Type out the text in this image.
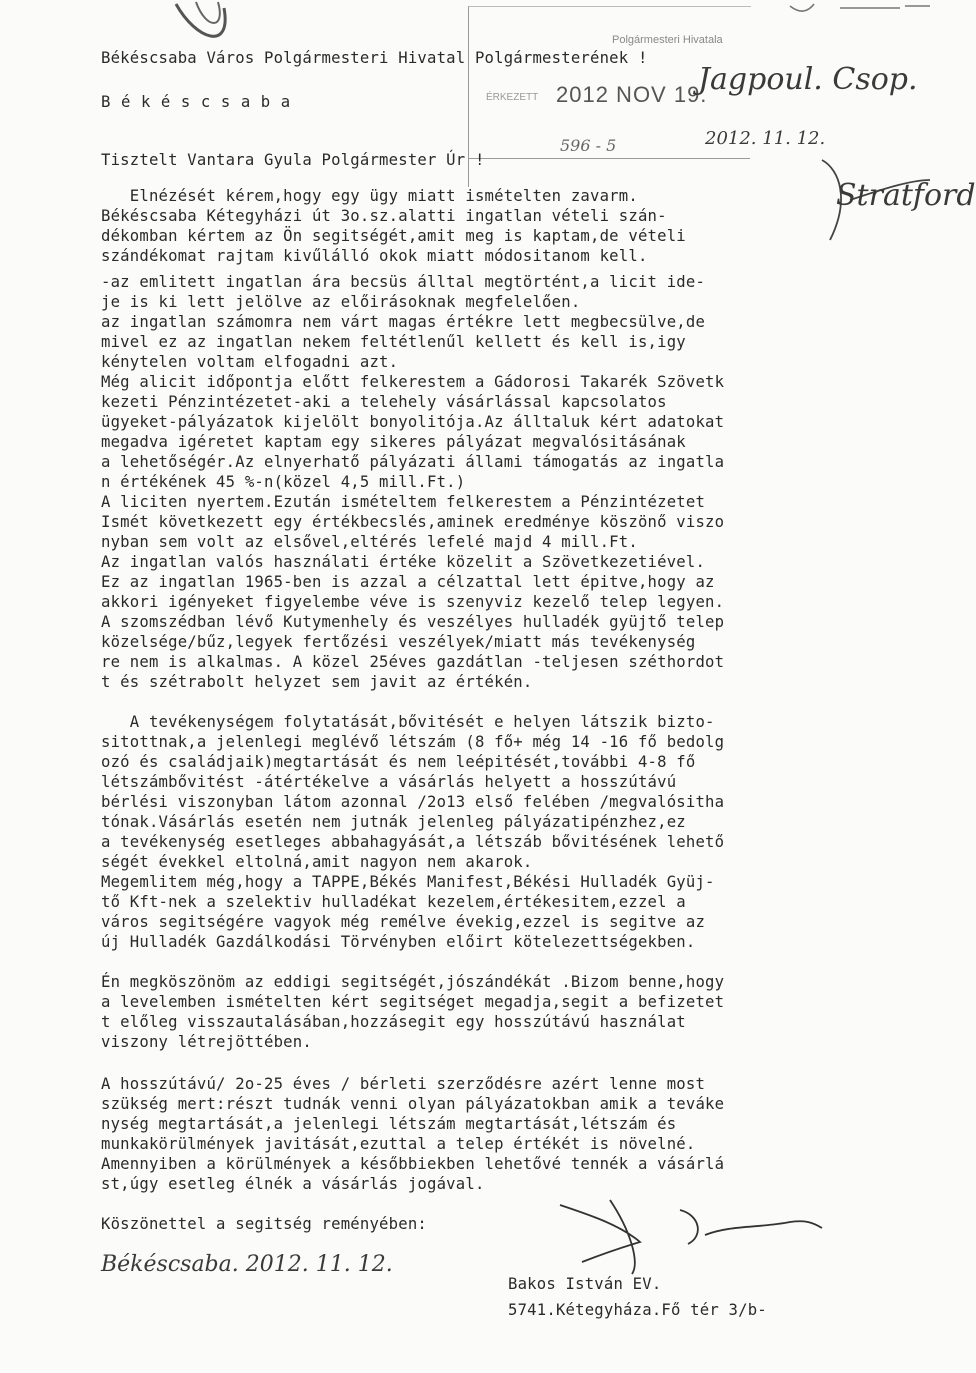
Polgármesteri Hivatala
ÉRKEZETT 2012 NOV 19.
596 - 5
Jagpoul. Csop.
2012. 11. 12.
Stratford
Békéscsaba. 2012. 11. 12.
Békéscsaba Város Polgármesteri Hivatal Polgármesterének !
B é k é s c s a b a
Tisztelt Vantara Gyula Polgármester Úr !
Elnézését kérem,hogy egy ügy miatt ismételten zavarm.
Békéscsaba Kétegyházi út 3o.sz.alatti ingatlan vételi szán-
dékomban kértem az Ön segitségét,amit meg is kaptam,de vételi
szándékomat rajtam kivűlálló okok miatt módositanom kell.
-az emlitett ingatlan ára becsüs álltal megtörtént,a licit ide-
je is ki lett jelölve az előirásoknak megfelelően.
az ingatlan számomra nem várt magas értékre lett megbecsülve,de
mivel ez az ingatlan nekem feltétlenűl kellett és kell is,igy
kénytelen voltam elfogadni azt.
Még alicit időpontja előtt felkerestem a Gádorosi Takarék Szövetk
kezeti Pénzintézetet-aki a telehely vásárlással kapcsolatos
ügyeket-pályázatok kijelölt bonyolitója.Az álltaluk kért adatokat
megadva igéretet kaptam egy sikeres pályázat megvalósitásának
a lehetőségér.Az elnyerhatő pályázati állami támogatás az ingatla
n értékének 45 %-n(közel 4,5 mill.Ft.)
A liciten nyertem.Ezután ismételtem felkerestem a Pénzintézetet
Ismét következett egy értékbecslés,aminek eredménye köszönő viszo
nyban sem volt az elsővel,eltérés lefelé majd 4 mill.Ft.
Az ingatlan valós használati értéke közelit a Szövetkezetiével.
Ez az ingatlan 1965-ben is azzal a célzattal lett épitve,hogy az
akkori igényeket figyelembe véve is szenyviz kezelő telep legyen.
A szomszédban lévő Kutymenhely és veszélyes hulladék gyüjtő telep
közelsége/bűz,legyek fertőzési veszélyek/miatt más tevékenység
re nem is alkalmas. A közel 25éves gazdátlan -teljesen széthordot
t és szétrabolt helyzet sem javit az értékén.
A tevékenységem folytatását,bővitését e helyen látszik bizto-
sitottnak,a jelenlegi meglévő létszám (8 fő+ még 14 -16 fő bedolg
ozó és családjaik)megtartását és nem leépitését,további 4-8 fő
létszámbővitést -átértékelve a vásárlás helyett a hosszútávú
bérlési viszonyban látom azonnal /2o13 első felében /megvalósitha
tónak.Vásárlás esetén nem jutnák jelenleg pályázatipénzhez,ez
a tevékenység esetleges abbahagyását,a létszáb bővitésének lehető
ségét évekkel eltolná,amit nagyon nem akarok.
Megemlitem még,hogy a TAPPE,Békés Manifest,Békési Hulladék Gyüj-
tő Kft-nek a szelektiv hulladékat kezelem,értékesitem,ezzel a
város segitségére vagyok még remélve évekig,ezzel is segitve az
új Hulladék Gazdálkodási Törvényben előirt kötelezettségekben.
Én megköszönöm az eddigi segitségét,jószándékát .Bizom benne,hogy
a levelemben ismételten kért segitséget megadja,segit a befizetet
t előleg visszautalásában,hozzásegit egy hosszútávú használat
viszony létrejöttében.
A hosszútávú/ 2o-25 éves / bérleti szerződésre azért lenne most
szükség mert:részt tudnák venni olyan pályázatokban amik a teváke
nység megtartását,a jelenlegi létszám megtartását,létszám és
munkakörülmények javitását,ezuttal a telep értékét is növelné.
Amennyiben a körülmények a későbbiekben lehetővé tennék a vásárlá
st,úgy esetleg élnék a vásárlás jogával.
Köszönettel a segitség reményében:
Bakos István EV.
5741.Kétegyháza.Fő tér 3/b-
